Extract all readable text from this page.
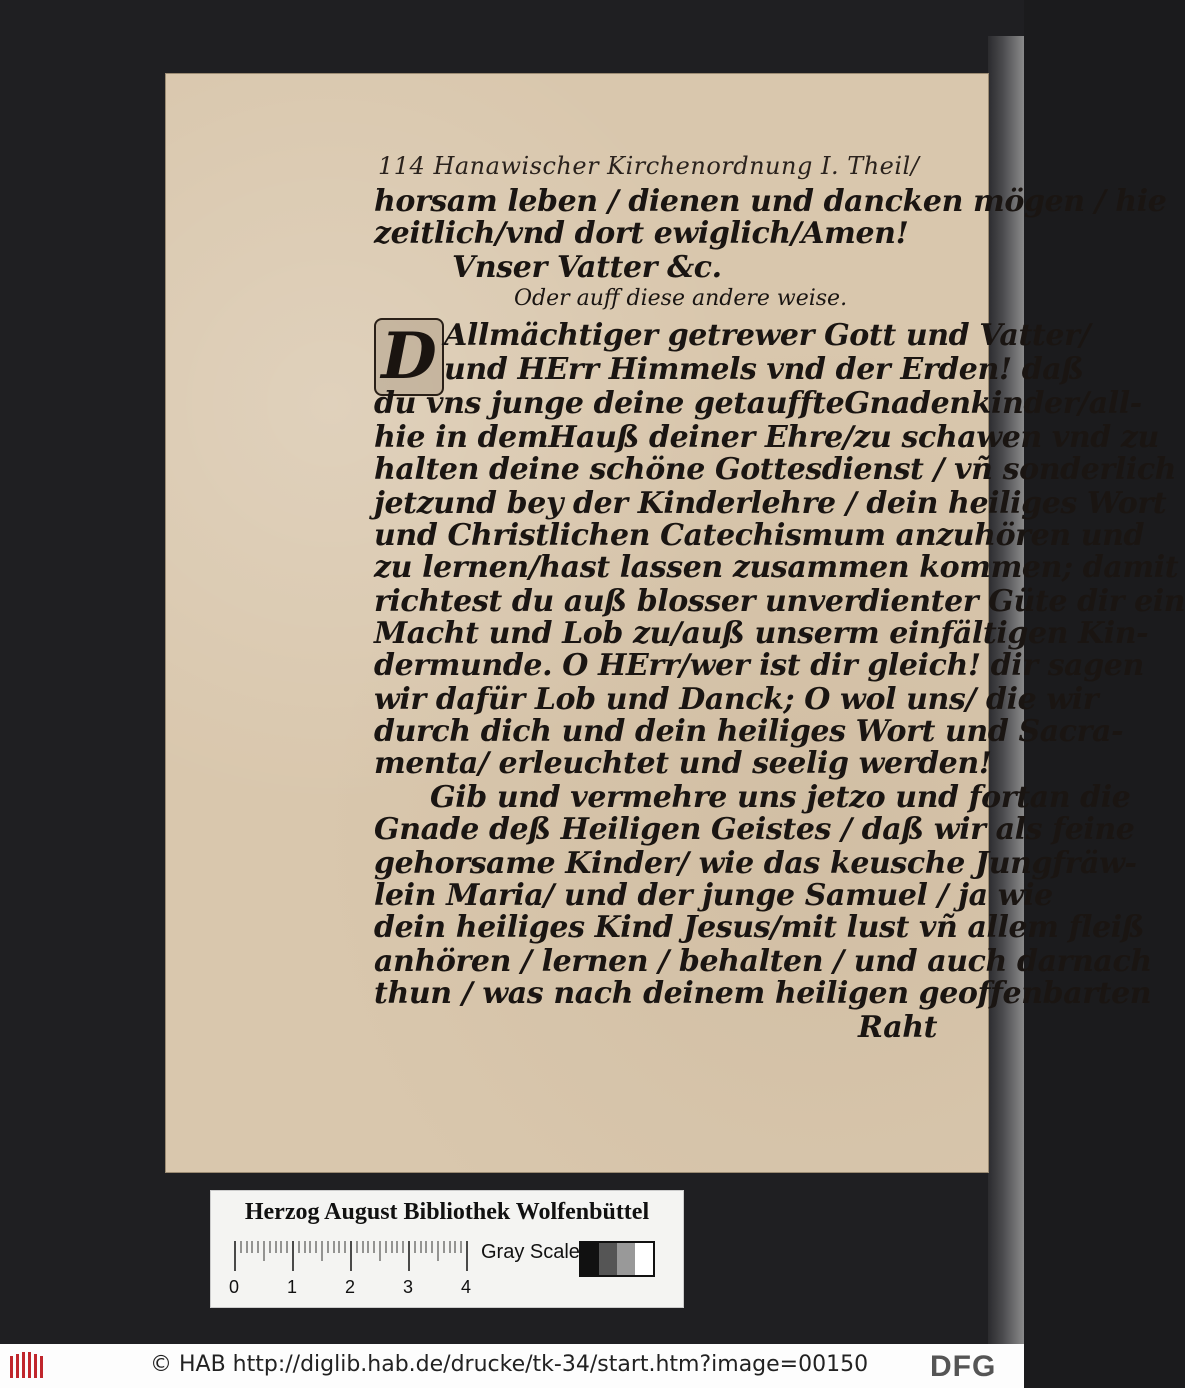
114 Hanawischer Kirchenordnung I. Theil/
horsam leben / dienen und dancken mögen / hie
zeitlich/vnd dort ewiglich/Amen!
Vnser Vatter &c.
Oder auff diese andere weise.
D Allmächtiger getrewer Gott und Vatter/
und HErr Himmels vnd der Erden! daß
du vns junge deine getauffteGnadenkinder/all-
hie in demHauß deiner Ehre/zu schawen vnd zu
halten deine schöne Gottesdienst / vñ sonderlich
jetzund bey der Kinderlehre / dein heiliges Wort
und Christlichen Catechismum anzuhören und
zu lernen/hast lassen zusammen kommen; damit
richtest du auß blosser unverdienter Güte dir ein
Macht und Lob zu/auß unserm einfältigen Kin-
dermunde. O HErr/wer ist dir gleich! dir sagen
wir dafür Lob und Danck; O wol uns/ die wir
durch dich und dein heiliges Wort und Sacra-
menta/ erleuchtet und seelig werden!
Gib und vermehre uns jetzo und fortan die
Gnade deß Heiligen Geistes / daß wir als feine
gehorsame Kinder/ wie das keusche Jungfräw-
lein Maria/ und der junge Samuel / ja wie
dein heiliges Kind Jesus/mit lust vñ allem fleiß
anhören / lernen / behalten / und auch darnach
thun / was nach deinem heiligen geoffenbarten
Raht
Herzog August Bibliothek Wolfenbüttel
0	1	2	3	4
Gray Scale
© HAB http://diglib.hab.de/drucke/tk-34/start.htm?image=00150 DFG
